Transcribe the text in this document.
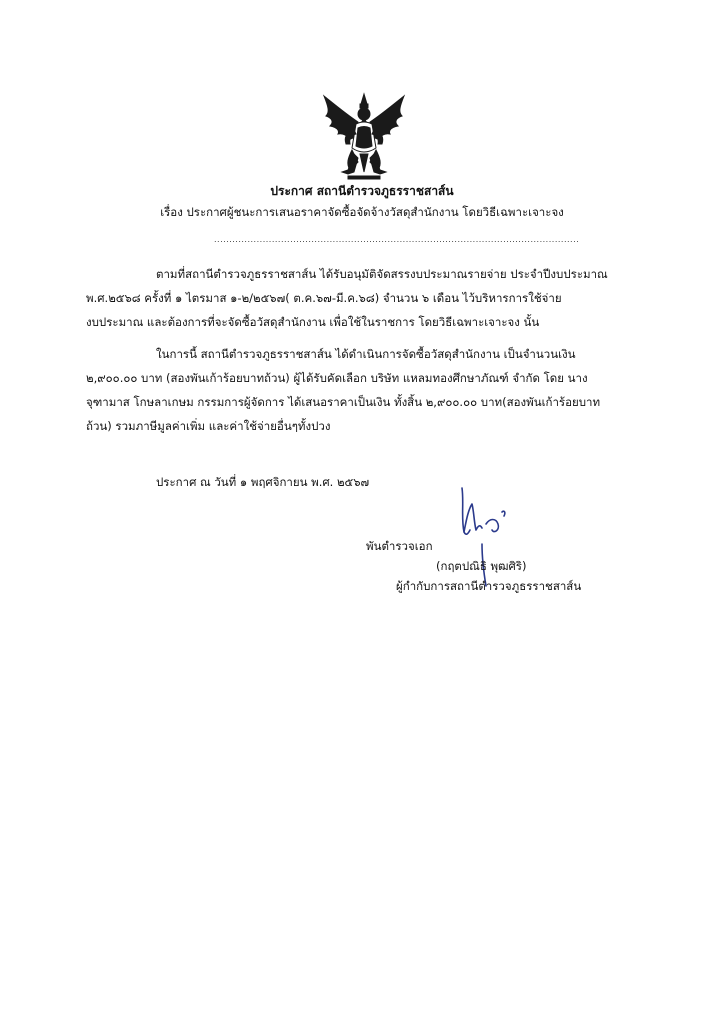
ประกาศ สถานีตำรวจภูธรราชสาส์น
เรื่อง ประกาศผู้ชนะการเสนอราคาจัดซื้อจัดจ้างวัสดุสำนักงาน โดยวิธีเฉพาะเจาะจง
........................................................................................................................
ตามที่สถานีตำรวจภูธรราชสาส์น ได้รับอนุมัติจัดสรรงบประมาณรายจ่าย ประจำปีงบประมาณ
พ.ศ.๒๕๖๘ ครั้งที่ ๑ ไตรมาส ๑-๒/๒๕๖๗( ต.ค.๖๗-มี.ค.๖๘) จำนวน ๖ เดือน ไว้บริหารการใช้จ่าย
งบประมาณ และต้องการที่จะจัดซื้อวัสดุสำนักงาน เพื่อใช้ในราชการ โดยวิธีเฉพาะเจาะจง นั้น
ในการนี้ สถานีตำรวจภูธรราชสาส์น ได้ดำเนินการจัดซื้อวัสดุสำนักงาน เป็นจำนวนเงิน
๒,๙๐๐.๐๐ บาท (สองพันเก้าร้อยบาทถ้วน) ผู้ได้รับคัดเลือก บริษัท แหลมทองศึกษาภัณฑ์ จำกัด โดย นาง
จุฑามาส โกษลาเกษม กรรมการผู้จัดการ ได้เสนอราคาเป็นเงิน ทั้งสิ้น ๒,๙๐๐.๐๐ บาท(สองพันเก้าร้อยบาท
ถ้วน) รวมภาษีมูลค่าเพิ่ม และค่าใช้จ่ายอื่นๆทั้งปวง
ประกาศ ณ วันที่ ๑ พฤศจิกายน พ.ศ. ๒๕๖๗
พันตำรวจเอก
(กฤตปณิธิ พุฒศิริ)
ผู้กำกับการสถานีตำรวจภูธรราชสาส์น
